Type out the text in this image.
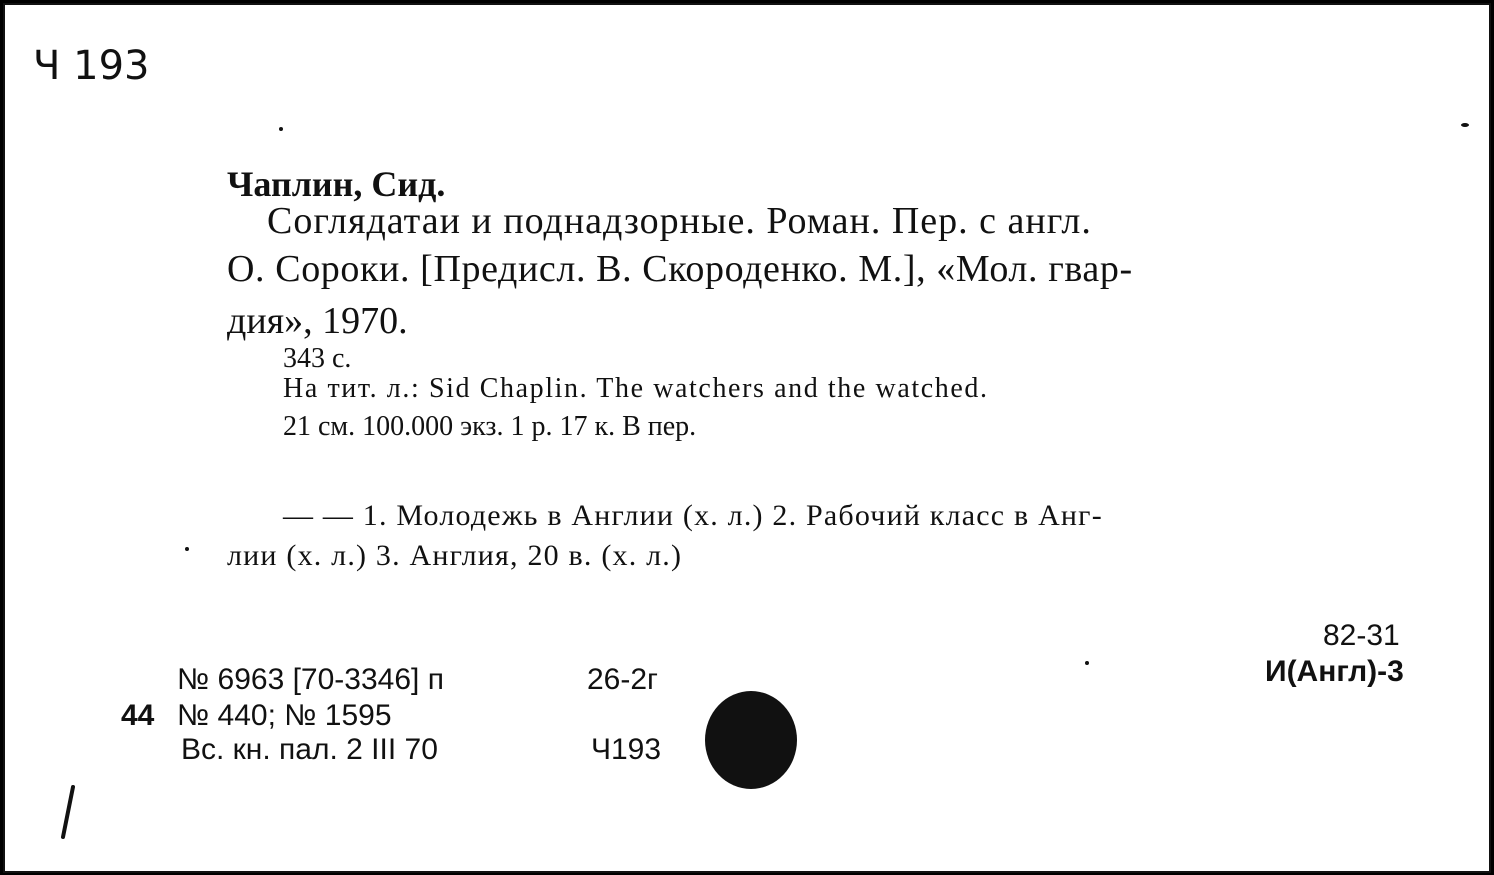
Ч 193
Чаплин, Сид.
Соглядатаи и поднадзорные. Роман. Пер. с англ.
О. Сороки. [Предисл. В. Скороденко. М.], «Мол. гвар-
дия», 1970.
343 с.
На тит. л.: Sid Chaplin. The watchers and the watched.
21 см. 100.000 экз. 1 р. 17 к. В пер.
— — 1. Молодежь в Англии (х. л.) 2. Рабочий класс в Анг-
лии (х. л.) 3. Англия, 20 в. (х. л.)
№ 6963 [70-3346] п
44 № 440; № 1595
Вс. кн. пал. 2 III 70
26-2г
Ч193
82-31
И(Англ)-3
